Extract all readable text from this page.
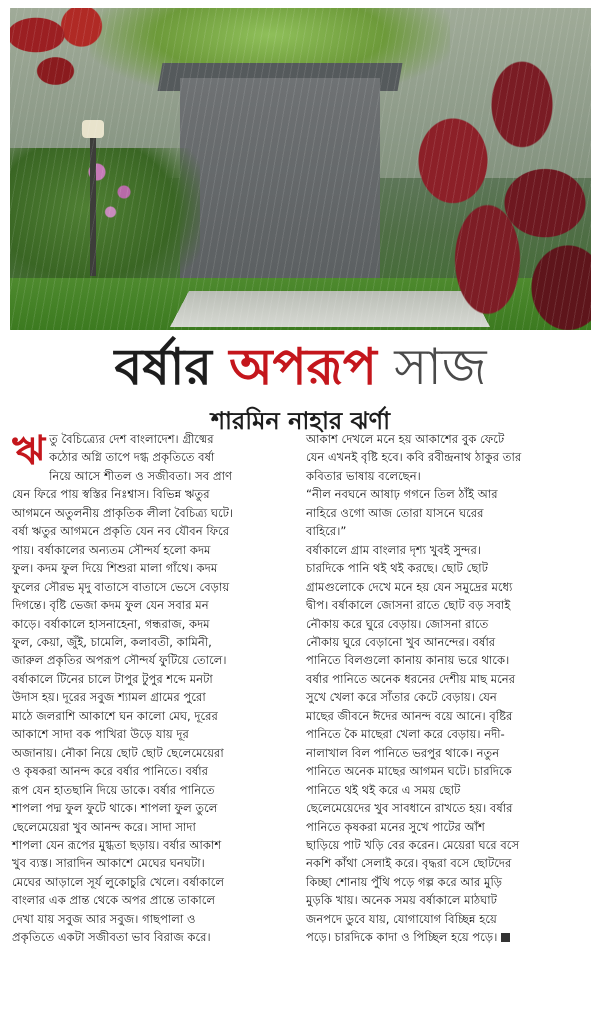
বর্ষার অপরূপ সাজ
শারমিন নাহার ঝর্ণা
ঋ তু বৈচিত্র্যের দেশ বাংলাদেশ। গ্রীষ্মের
কঠোর অগ্নি তাপে দগ্ধ প্রকৃতিতে বর্ষা
নিয়ে আসে শীতল ও সজীবতা। সব প্রাণ
যেন ফিরে পায় স্বস্তির নিঃশ্বাস। বিভিন্ন ঋতুর
আগমনে অতুলনীয় প্রাকৃতিক লীলা বৈচিত্র্য ঘটে।
বর্ষা ঋতুর আগমনে প্রকৃতি যেন নব যৌবন ফিরে
পায়। বর্ষাকালের অন্যতম সৌন্দর্য হলো কদম
ফুল। কদম ফুল দিয়ে শিশুরা মালা গাঁথে। কদম
ফুলের সৌরভ মৃদু বাতাসে বাতাসে ভেসে বেড়ায়
দিগন্তে। বৃষ্টি ভেজা কদম ফুল যেন সবার মন
কাড়ে। বর্ষাকালে হাসনাহেনা, গন্ধরাজ, কদম
ফুল, কেয়া, জুঁই, চামেলি, কলাবতী, কামিনী,
জারুল প্রকৃতির অপরূপ সৌন্দর্য ফুটিয়ে তোলে।
বর্ষাকালে টিনের চালে টাপুর টুপুর শব্দে মনটা
উদাস হয়। দূরের সবুজ শ্যামল গ্রামের পুরো
মাঠে জলরাশি আকাশে ঘন কালো মেঘ, দূরের
আকাশে সাদা বক পাখিরা উড়ে যায় দূর
অজানায়। নৌকা নিয়ে ছোট ছোট ছেলেমেয়েরা
ও কৃষকরা আনন্দ করে বর্ষার পানিতে। বর্ষার
রূপ যেন হাতছানি দিয়ে ডাকে। বর্ষার পানিতে
শাপলা পদ্ম ফুল ফুটে থাকে। শাপলা ফুল তুলে
ছেলেমেয়েরা খুব আনন্দ করে। সাদা সাদা
শাপলা যেন রূপের মুগ্ধতা ছড়ায়। বর্ষার আকাশ
খুব ব্যস্ত। সারাদিন আকাশে মেঘের ঘনঘটা।
মেঘের আড়ালে সূর্য লুকোচুরি খেলে। বর্ষাকালে
বাংলার এক প্রান্ত থেকে অপর প্রান্তে তাকালে
দেখা যায় সবুজ আর সবুজ। গাছপালা ও
প্রকৃতিতে একটা সজীবতা ভাব বিরাজ করে।

আকাশ দেখলে মনে হয় আকাশের বুক ফেটে
যেন এখনই বৃষ্টি হবে। কবি রবীন্দ্রনাথ ঠাকুর তার
কবিতার ভাষায় বলেছেন।

“নীল নবঘনে আষাঢ় গগনে তিল ঠাঁই আর
নাহিরে ওগো আজ তোরা যাসনে ঘরের
বাহিরে।”

বর্ষাকালে গ্রাম বাংলার দৃশ্য খুবই সুন্দর।
চারদিকে পানি থই থই করছে। ছোট ছোট
গ্রামগুলোকে দেখে মনে হয় যেন সমুদ্রের মধ্যে
দ্বীপ। বর্ষাকালে জোসনা রাতে ছোট বড় সবাই
নৌকায় করে ঘুরে বেড়ায়। জোসনা রাতে
নৌকায় ঘুরে বেড়ানো খুব আনন্দের। বর্ষার
পানিতে বিলগুলো কানায় কানায় ভরে থাকে।
বর্ষার পানিতে অনেক ধরনের দেশীয় মাছ মনের
সুখে খেলা করে সাঁতার কেটে বেড়ায়। যেন
মাছের জীবনে ঈদের আনন্দ বয়ে আনে। বৃষ্টির
পানিতে কৈ মাছেরা খেলা করে বেড়ায়। নদী-
নালাখাল বিল পানিতে ভরপুর থাকে। নতুন
পানিতে অনেক মাছের আগমন ঘটে। চারদিকে
পানিতে থই থই করে এ সময় ছোট
ছেলেমেয়েদের খুব সাবধানে রাখতে হয়। বর্ষার
পানিতে কৃষকরা মনের সুখে পাটের আঁশ
ছাড়িয়ে পাট খড়ি বের করেন। মেয়েরা ঘরে বসে
নকশি কাঁথা সেলাই করে। বৃদ্ধরা বসে ছোটদের
কিচ্ছা শোনায় পুঁথি পড়ে গল্প করে আর মুড়ি
মুড়কি খায়। অনেক সময় বর্ষাকালে মাঠঘাট
জনপদে ডুবে যায়, যোগাযোগ বিচ্ছিন্ন হয়ে
পড়ে। চারদিকে কাদা ও পিচ্ছিল হয়ে পড়ে।
